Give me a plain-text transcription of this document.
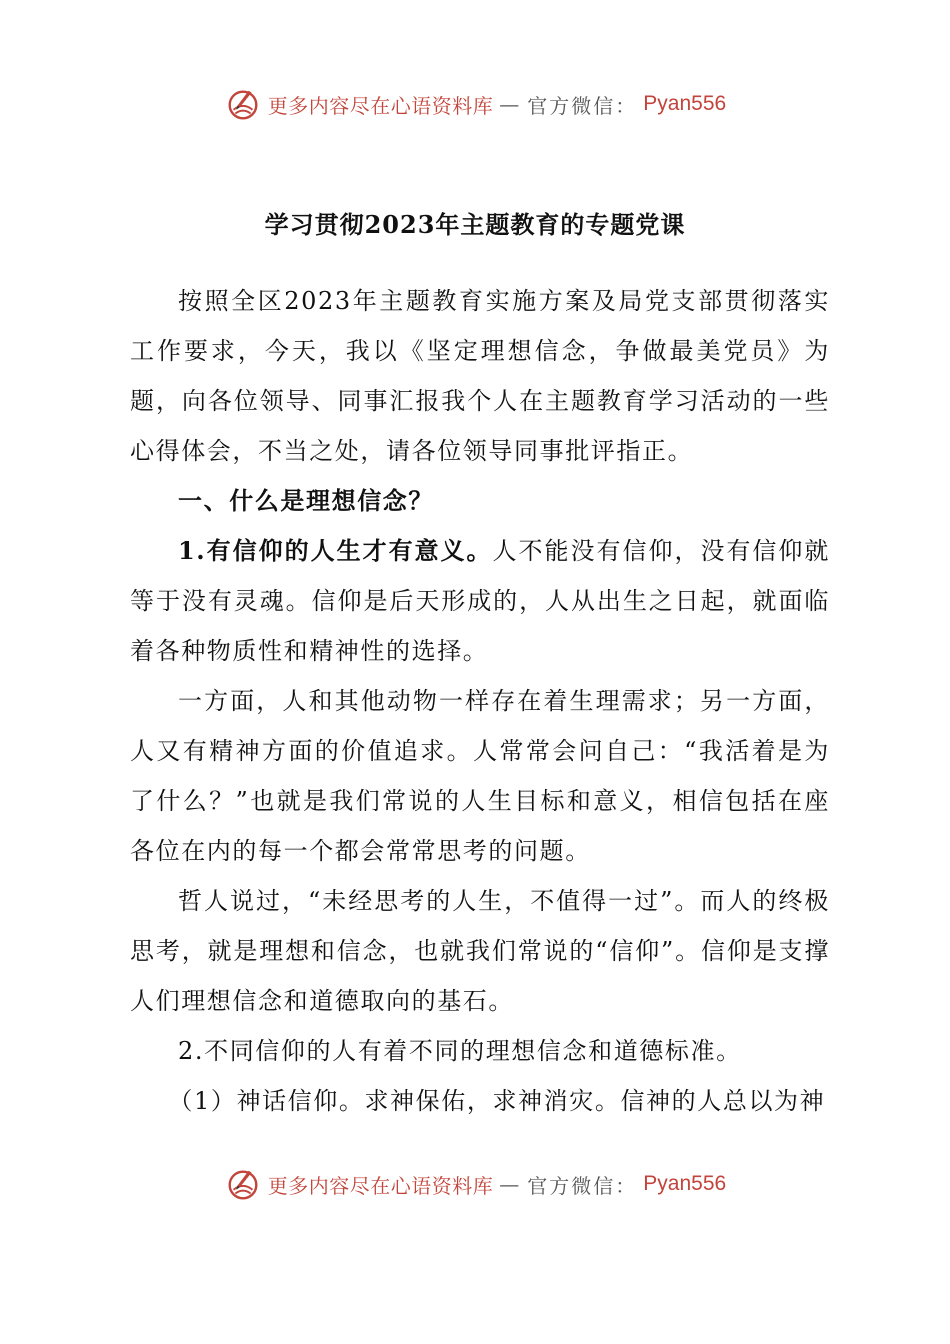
更多内容尽在心语资料库 — 官方微信： Pyan556
学习贯彻2023年主题教育的专题党课

按照全区2023年主题教育实施方案及局党支部贯彻落实工作要求，今天，我以《坚定理想信念，争做最美党员》为题，向各位领导、同事汇报我个人在主题教育学习活动的一些心得体会，不当之处，请各位领导同事批评指正。

一、什么是理想信念？

1.有信仰的人生才有意义。人不能没有信仰，没有信仰就等于没有灵魂。信仰是后天形成的，人从出生之日起，就面临着各种物质性和精神性的选择。

一方面，人和其他动物一样存在着生理需求；另一方面，人又有精神方面的价值追求。人常常会问自己：“我活着是为了什么？”也就是我们常说的人生目标和意义，相信包括在座各位在内的每一个都会常常思考的问题。

哲人说过，“未经思考的人生，不值得一过”。而人的终极思考，就是理想和信念，也就我们常说的“信仰”。信仰是支撑人们理想信念和道德取向的基石。

2.不同信仰的人有着不同的理想信念和道德标准。

（1）神话信仰。求神保佑，求神消灾。信神的人总以为神

更多内容尽在心语资料库 — 官方微信： Pyan556
